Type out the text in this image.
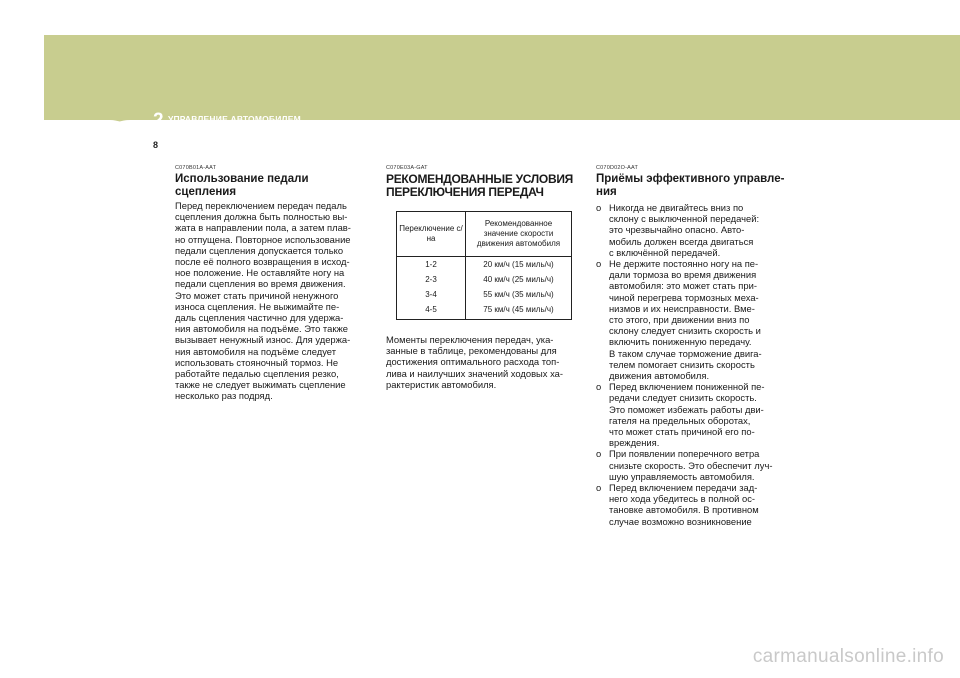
2 УПРАВЛЕНИЕ АВТОМОБИЛЕМ
8
C070B01A-AAT
Использование педали сцепления
Перед переключением передач педаль
сцепления должна быть полностью вы-
жата в направлении пола, а затем плав-
но отпущена. Повторное использование
педали сцепления допускается только
после её полного возвращения в исход-
ное положение. Не оставляйте ногу на
педали сцепления во время движения.
Это может стать причиной ненужного
износа сцепления. Не выжимайте пе-
даль сцепления частично для удержа-
ния автомобиля на подъёме. Это также
вызывает ненужный износ. Для удержа-
ния автомобиля на подъёме следует
использовать стояночный тормоз. Не
работайте педалью сцепления резко,
также не следует выжимать сцепление
несколько раз подряд.
C070E03A-GAT
РЕКОМЕНДОВАННЫЕ УСЛОВИЯ
ПЕРЕКЛЮЧЕНИЯ ПЕРЕДАЧ
Переключение с/на	Рекомендованное значение скорости движения автомобиля
1-2	20 км/ч (15 миль/ч)
2-3	40 км/ч (25 миль/ч)
3-4	55 км/ч (35 миль/ч)
4-5	75 км/ч (45 миль/ч)
Моменты переключения передач, ука-
занные в таблице, рекомендованы для
достижения оптимального расхода топ-
лива и наилучших значений ходовых ха-
рактеристик автомобиля.
C070D02O-AAT
Приёмы эффективного управле-
ния
o Никогда не двигайтесь вниз по
склону с выключенной передачей:
это чрезвычайно опасно. Авто-
мобиль должен всегда двигаться
с включённой передачей.
o Не держите постоянно ногу на пе-
дали тормоза во время движения
автомобиля: это может стать при-
чиной перегрева тормозных меха-
низмов и их неисправности. Вме-
сто этого, при движении вниз по
склону следует снизить скорость и
включить пониженную передачу.
В таком случае торможение двига-
телем помогает снизить скорость
движения автомобиля.
o Перед включением пониженной пе-
редачи следует снизить скорость.
Это поможет избежать работы дви-
гателя на предельных оборотах,
что может стать причиной его по-
вреждения.
o При появлении поперечного ветра
снизьте скорость. Это обеспечит луч-
шую управляемость автомобиля.
o Перед включением передачи зад-
него хода убедитесь в полной ос-
тановке автомобиля. В противном
случае возможно возникновение
carmanualsonline.info
